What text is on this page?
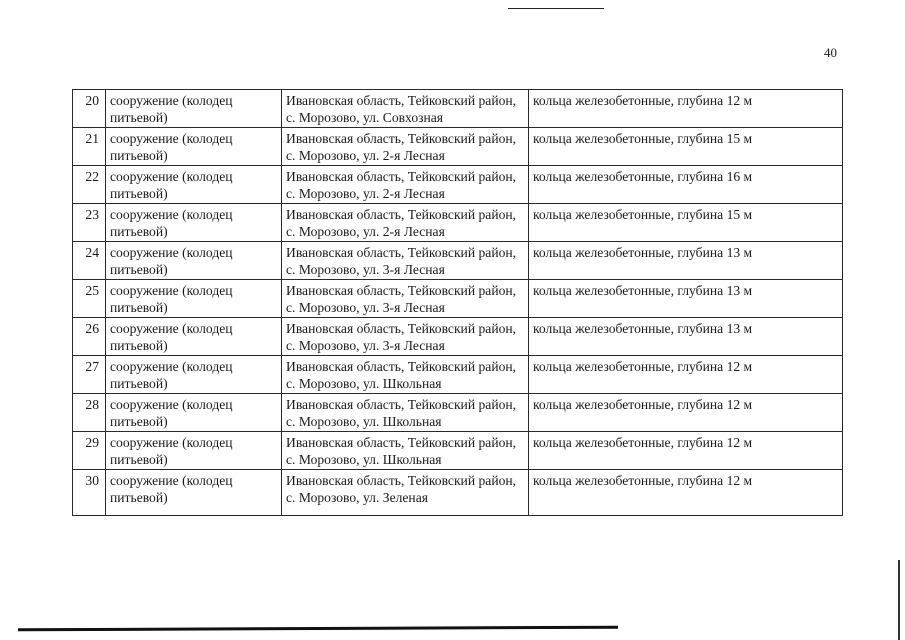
40
20	сооружение (колодец питьевой)	Ивановская область, Тейковский район, с. Морозово, ул. Совхозная	кольца железобетонные, глубина 12 м
21	сооружение (колодец питьевой)	Ивановская область, Тейковский район, с. Морозово, ул. 2-я Лесная	кольца железобетонные, глубина 15 м
22	сооружение (колодец питьевой)	Ивановская область, Тейковский район, с. Морозово, ул. 2-я Лесная	кольца железобетонные, глубина 16 м
23	сооружение (колодец питьевой)	Ивановская область, Тейковский район, с. Морозово, ул. 2-я Лесная	кольца железобетонные, глубина 15 м
24	сооружение (колодец питьевой)	Ивановская область, Тейковский район, с. Морозово, ул. 3-я Лесная	кольца железобетонные, глубина 13 м
25	сооружение (колодец питьевой)	Ивановская область, Тейковский район, с. Морозово, ул. 3-я Лесная	кольца железобетонные, глубина 13 м
26	сооружение (колодец питьевой)	Ивановская область, Тейковский район, с. Морозово, ул. 3-я Лесная	кольца железобетонные, глубина 13 м
27	сооружение (колодец питьевой)	Ивановская область, Тейковский район, с. Морозово, ул. Школьная	кольца железобетонные, глубина 12 м
28	сооружение (колодец питьевой)	Ивановская область, Тейковский район, с. Морозово, ул. Школьная	кольца железобетонные, глубина 12 м
29	сооружение (колодец питьевой)	Ивановская область, Тейковский район, с. Морозово, ул. Школьная	кольца железобетонные, глубина 12 м
30	сооружение (колодец питьевой)	Ивановская область, Тейковский район, с. Морозово, ул. Зеленая	кольца железобетонные, глубина 12 м
